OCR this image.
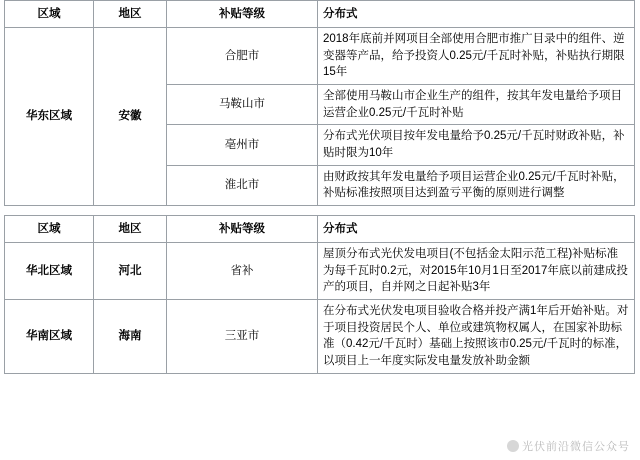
区域	地区	补贴等级	分布式
华东区域	安徽	合肥市	2018年底前并网项目全部使用合肥市推广目录中的组件、逆变器等产品，给予投资人0.25元/千瓦时补贴，补贴执行期限15年
		马鞍山市	全部使用马鞍山市企业生产的组件，按其年发电量给予项目运营企业0.25元/千瓦时补贴
		亳州市	分布式光伏项目按年发电量给予0.25元/千瓦时财政补贴，补贴时限为10年
		淮北市	由财政按其年发电量给予项目运营企业0.25元/千瓦时补贴，补贴标准按照项目达到盈亏平衡的原则进行调整
区域	地区	补贴等级	分布式
华北区域	河北	省补	屋顶分布式光伏发电项目(不包括金太阳示范工程)补贴标准为每千瓦时0.2元，对2015年10月1日至2017年底以前建成投产的项目，自并网之日起补贴3年
华南区域	海南	三亚市	在分布式光伏发电项目验收合格并投产满1年后开始补贴。对于项目投资居民个人、单位或建筑物权属人，在国家补助标准（0.42元/千瓦时）基础上按照该市0.25元/千瓦时的标准，以项目上一年度实际发电量发放补助金额
光伏前沿微信公众号
